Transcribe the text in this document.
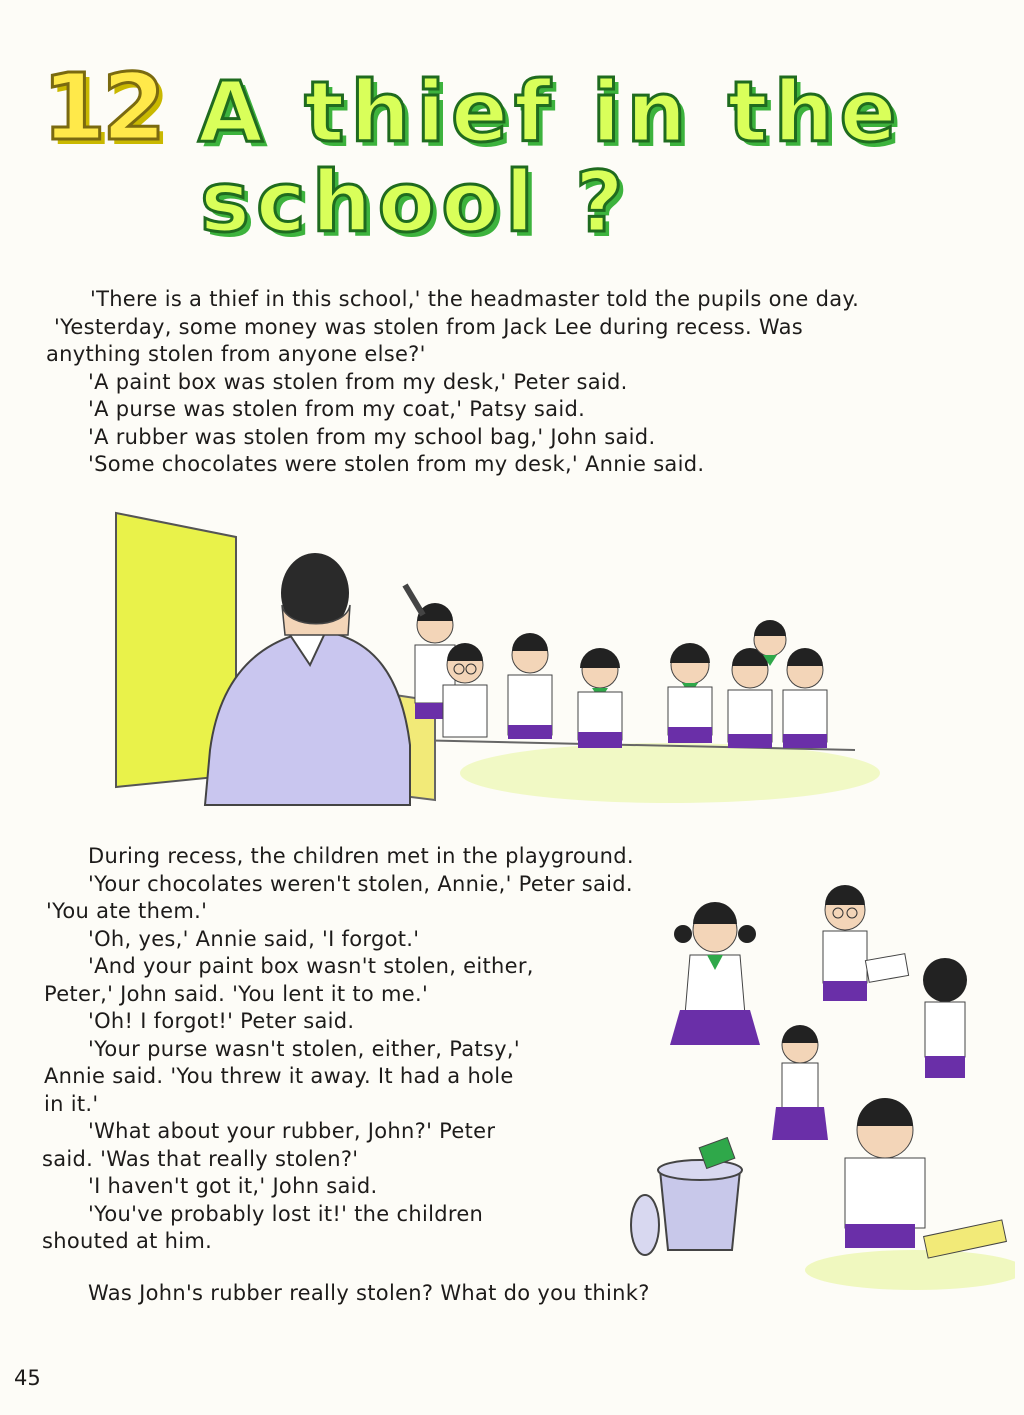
12 A thief in the
school ?

'There is a thief in this school,' the headmaster told the pupils one day.

'Yesterday, some money was stolen from Jack Lee during recess. Was

anything stolen from anyone else?'

'A paint box was stolen from my desk,' Peter said.

'A purse was stolen from my coat,' Patsy said.

'A rubber was stolen from my school bag,' John said.

'Some chocolates were stolen from my desk,' Annie said.

During recess, the children met in the playground.

'Your chocolates weren't stolen, Annie,' Peter said.

'You ate them.'

'Oh, yes,' Annie said, 'I forgot.'

'And your paint box wasn't stolen, either,

Peter,' John said. 'You lent it to me.'

'Oh! I forgot!' Peter said.

'Your purse wasn't stolen, either, Patsy,'

Annie said. 'You threw it away. It had a hole

in it.'

'What about your rubber, John?' Peter

said. 'Was that really stolen?'

'I haven't got it,' John said.

'You've probably lost it!' the children

shouted at him.

Was John's rubber really stolen? What do you think?

45
